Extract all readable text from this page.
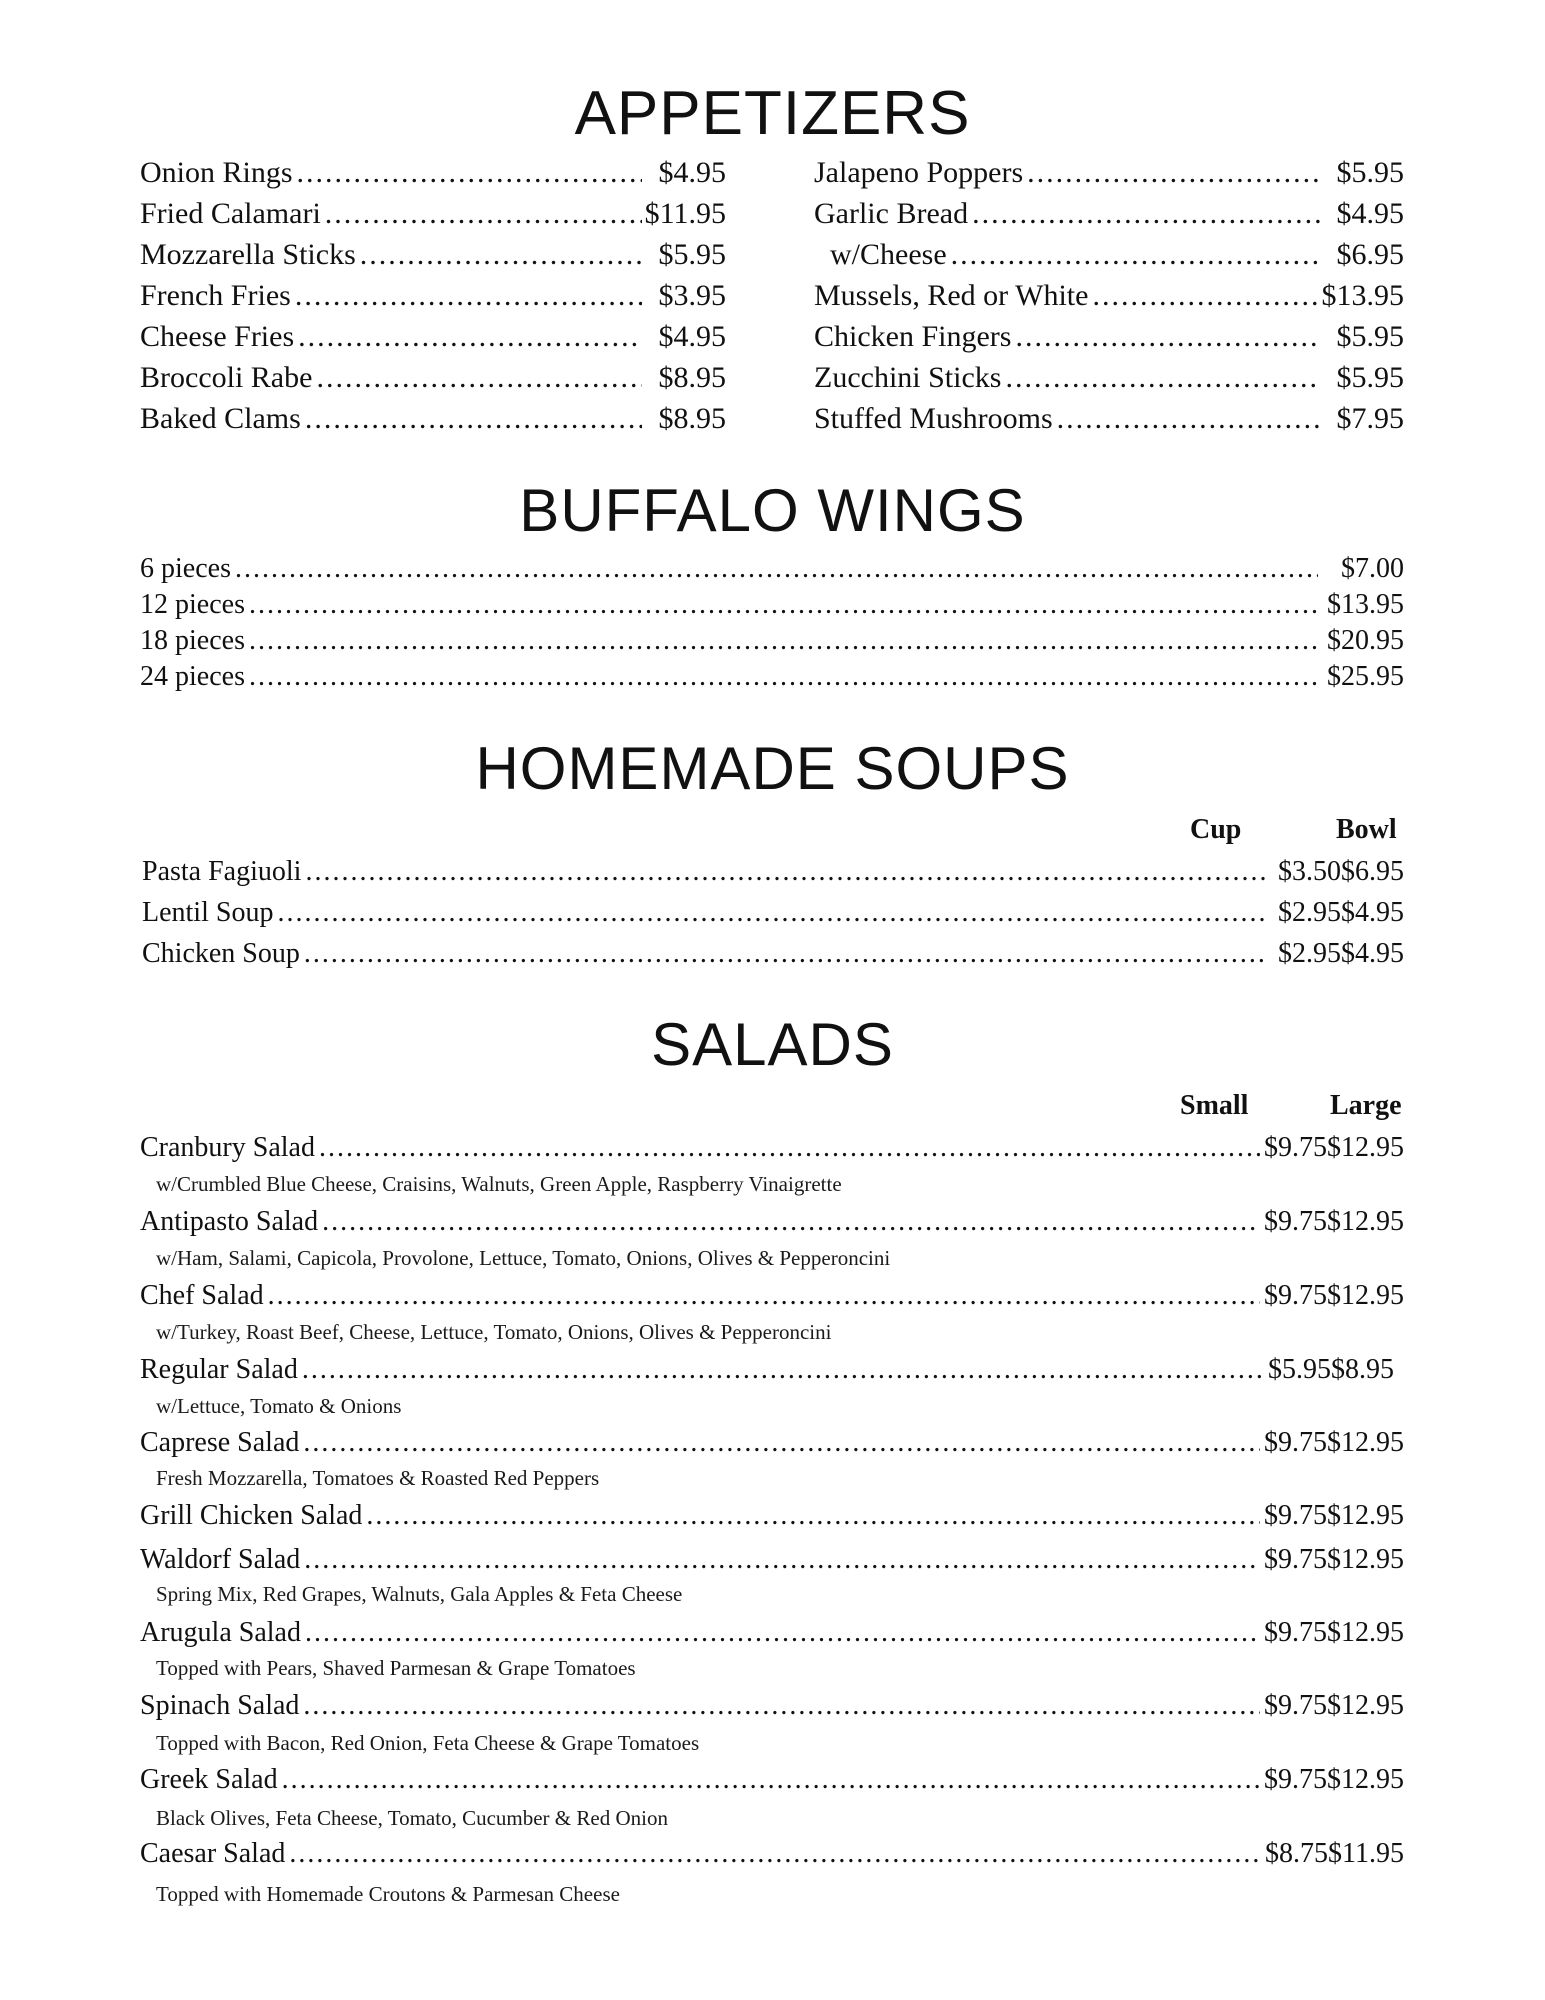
APPETIZERS
Onion Rings .....	$4.95
Fried Calamari .....	$11.95
Mozzarella Sticks .....	$5.95
French Fries .....	$3.95
Cheese Fries .....	$4.95
Broccoli Rabe .....	$8.95
Baked Clams .....	$8.95
Jalapeno Poppers .....	$5.95
Garlic Bread .....	$4.95
w/Cheese .....	$6.95
Mussels, Red or White .....	$13.95
Chicken Fingers .....	$5.95
Zucchini Sticks .....	$5.95
Stuffed Mushrooms .....	$7.95
BUFFALO WINGS
6 pieces .....	$7.00
12 pieces .....	$13.95
18 pieces .....	$20.95
24 pieces .....	$25.95
HOMEMADE SOUPS
Cup	Bowl
Pasta Fagiuoli .....	$3.50 $6.95
Lentil Soup .....	$2.95 $4.95
Chicken Soup .....	$2.95 $4.95
SALADS
Small	Large
Cranbury Salad .....	$9.75 $12.95
w/Crumbled Blue Cheese, Craisins, Walnuts, Green Apple, Raspberry Vinaigrette
Antipasto Salad .....	$9.75 $12.95
w/Ham, Salami, Capicola, Provolone, Lettuce, Tomato, Onions, Olives & Pepperoncini
Chef Salad .....	$9.75 $12.95
w/Turkey, Roast Beef, Cheese, Lettuce, Tomato, Onions, Olives & Pepperoncini
Regular Salad .....	$5.95 $8.95
w/Lettuce, Tomato & Onions
Caprese Salad .....	$9.75 $12.95
Fresh Mozzarella, Tomatoes & Roasted Red Peppers
Grill Chicken Salad .....	$9.75 $12.95
Waldorf Salad .....	$9.75 $12.95
Spring Mix, Red Grapes, Walnuts, Gala Apples & Feta Cheese
Arugula Salad .....	$9.75 $12.95
Topped with Pears, Shaved Parmesan & Grape Tomatoes
Spinach Salad .....	$9.75 $12.95
Topped with Bacon, Red Onion, Feta Cheese & Grape Tomatoes
Greek Salad .....	$9.75 $12.95
Black Olives, Feta Cheese, Tomato, Cucumber & Red Onion
Caesar Salad .....	$8.75 $11.95
Topped with Homemade Croutons & Parmesan Cheese
